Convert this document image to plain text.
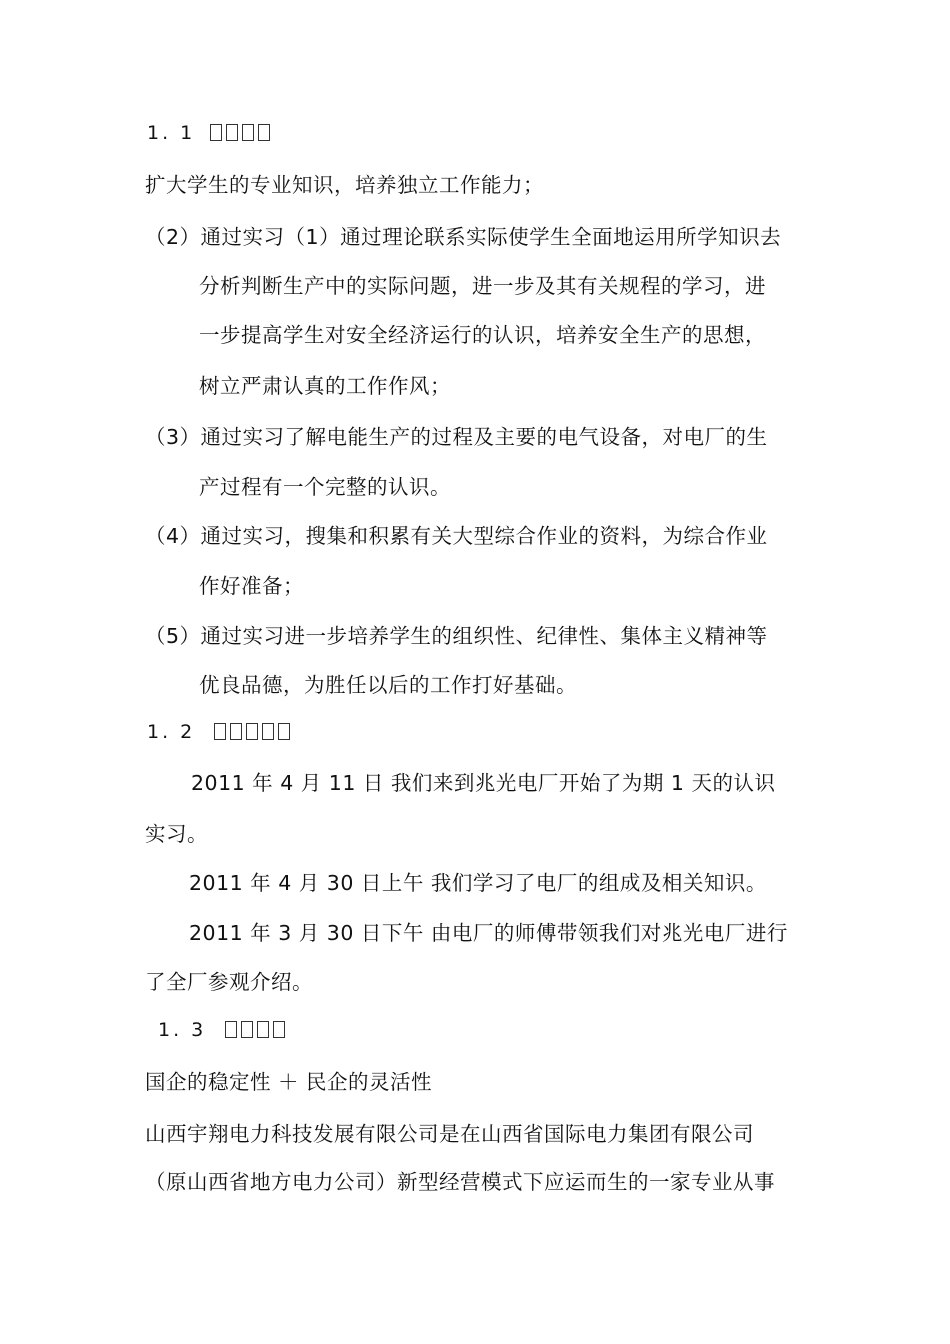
1. 1
扩大学生的专业知识，培养独立工作能力；
（2）通过实习（1）通过理论联系实际使学生全面地运用所学知识去
分析判断生产中的实际问题，进一步及其有关规程的学习，进
一步提高学生对安全经济运行的认识，培养安全生产的思想，
树立严肃认真的工作作风；
（3）通过实习了解电能生产的过程及主要的电气设备，对电厂的生
产过程有一个完整的认识。
（4）通过实习，搜集和积累有关大型综合作业的资料，为综合作业
作好准备；
（5）通过实习进一步培养学生的组织性、纪律性、集体主义精神等
优良品德，为胜任以后的工作打好基础。
1. 2
2011 年 4 月 11 日 我们来到兆光电厂开始了为期 1 天的认识
实习。
2011 年 4 月 30 日上午 我们学习了电厂的组成及相关知识。
2011 年 3 月 30 日下午 由电厂的师傅带领我们对兆光电厂进行
了全厂参观介绍。
1. 3
国企的稳定性 ＋ 民企的灵活性
山西宇翔电力科技发展有限公司是在山西省国际电力集团有限公司
（原山西省地方电力公司）新型经营模式下应运而生的一家专业从事
